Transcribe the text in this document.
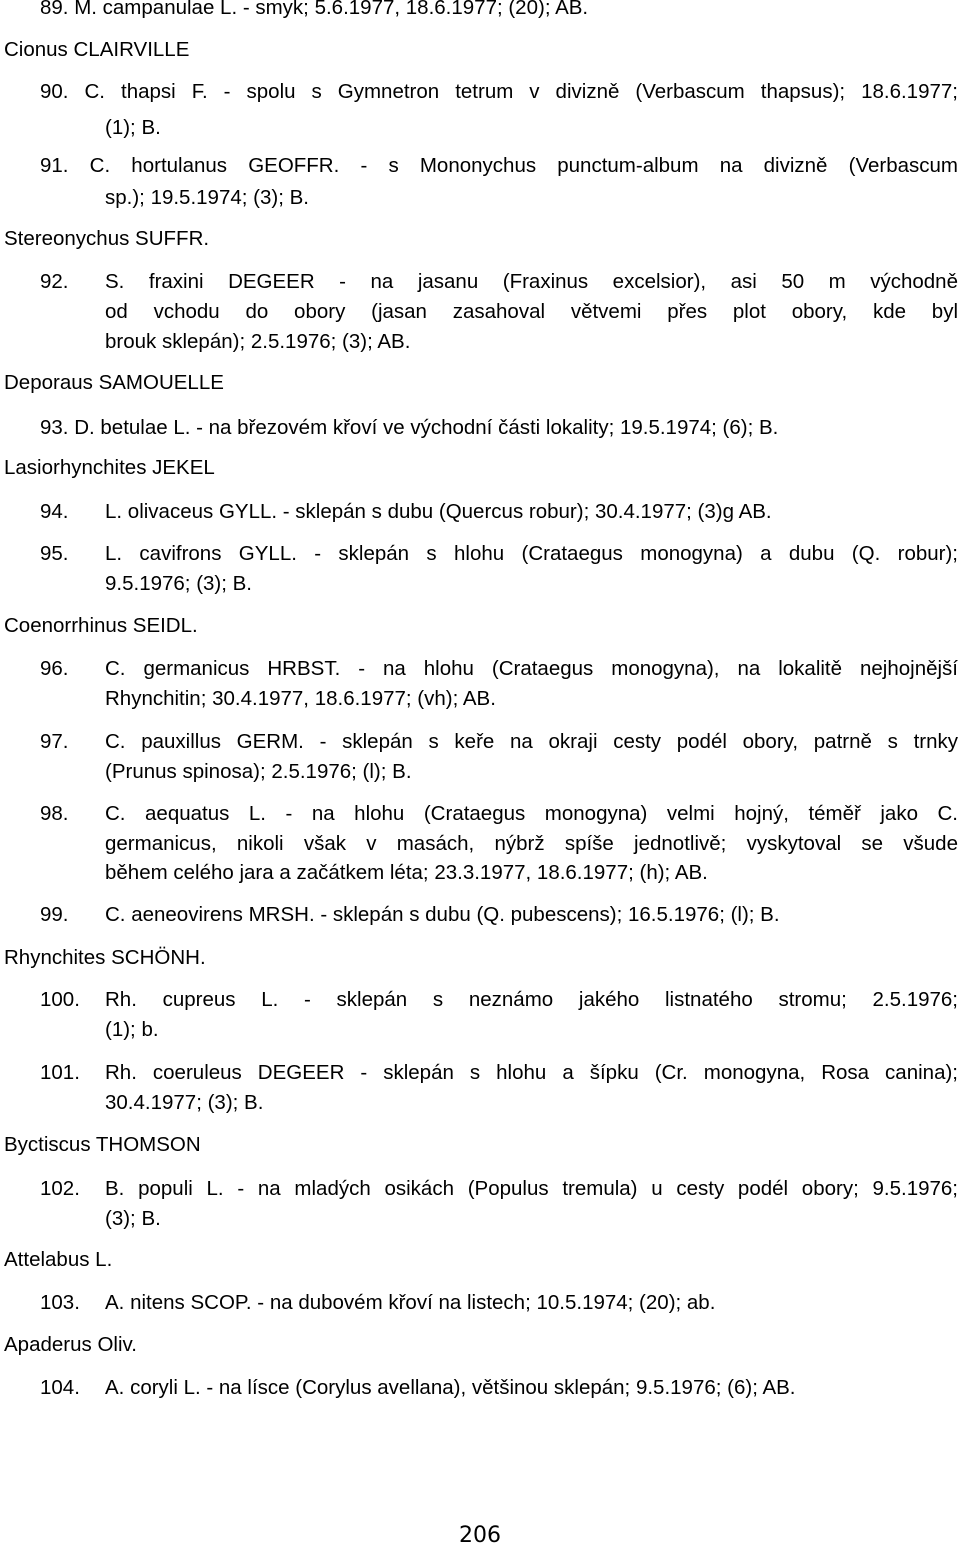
89. M. campanulae L. - smyk; 5.6.1977, 18.6.1977; (20); AB.
Cionus CLAIRVILLE
90. C. thapsi F. - spolu s Gymnetron tetrum v divizně (Verbascum thapsus); 18.6.1977;
(1); B.
91. C. hortulanus GEOFFR. - s Mononychus punctum-album na divizně (Verbascum
sp.); 19.5.1974; (3); B.
Stereonychus SUFFR.
92. S. fraxini DEGEER - na jasanu (Fraxinus excelsior), asi 50 m východně
od vchodu do obory (jasan zasahoval větvemi přes plot obory, kde byl
brouk sklepán); 2.5.1976; (3); AB.
Deporaus SAMOUELLE
93. D. betulae L. - na březovém křoví ve východní části lokality; 19.5.1974; (6); B.
Lasiorhynchites JEKEL
94. L. olivaceus GYLL. - sklepán s dubu (Quercus robur); 30.4.1977; (3)g AB.
95. L. cavifrons GYLL. - sklepán s hlohu (Crataegus monogyna) a dubu (Q. robur);
9.5.1976; (3); B.
Coenorrhinus SEIDL.
96. C. germanicus HRBST. - na hlohu (Crataegus monogyna), na lokalitě nejhojnější
Rhynchitin; 30.4.1977, 18.6.1977; (vh); AB.
97. C. pauxillus GERM. - sklepán s keře na okraji cesty podél obory, patrně s trnky
(Prunus spinosa); 2.5.1976; (l); B.
98. C. aequatus L. - na hlohu (Crataegus monogyna) velmi hojný, téměř jako C.
germanicus, nikoli však v masách, nýbrž spíše jednotlivě; vyskytoval se všude
během celého jara a začátkem léta; 23.3.1977, 18.6.1977; (h); AB.
99. C. aeneovirens MRSH. - sklepán s dubu (Q. pubescens); 16.5.1976; (l); B.
Rhynchites SCHÖNH.
100. Rh. cupreus L. - sklepán s neznámo jakého listnatého stromu; 2.5.1976;
(1); b.
101. Rh. coeruleus DEGEER - sklepán s hlohu a šípku (Cr. monogyna, Rosa canina);
30.4.1977; (3); B.
Byctiscus THOMSON
102. B. populi L. - na mladých osikách (Populus tremula) u cesty podél obory; 9.5.1976;
(3); B.
Attelabus L.
103. A. nitens SCOP. - na dubovém křoví na listech; 10.5.1974; (20); ab.
Apaderus Oliv.
104. A. coryli L. - na lísce (Corylus avellana), většinou sklepán; 9.5.1976; (6); AB.
206
